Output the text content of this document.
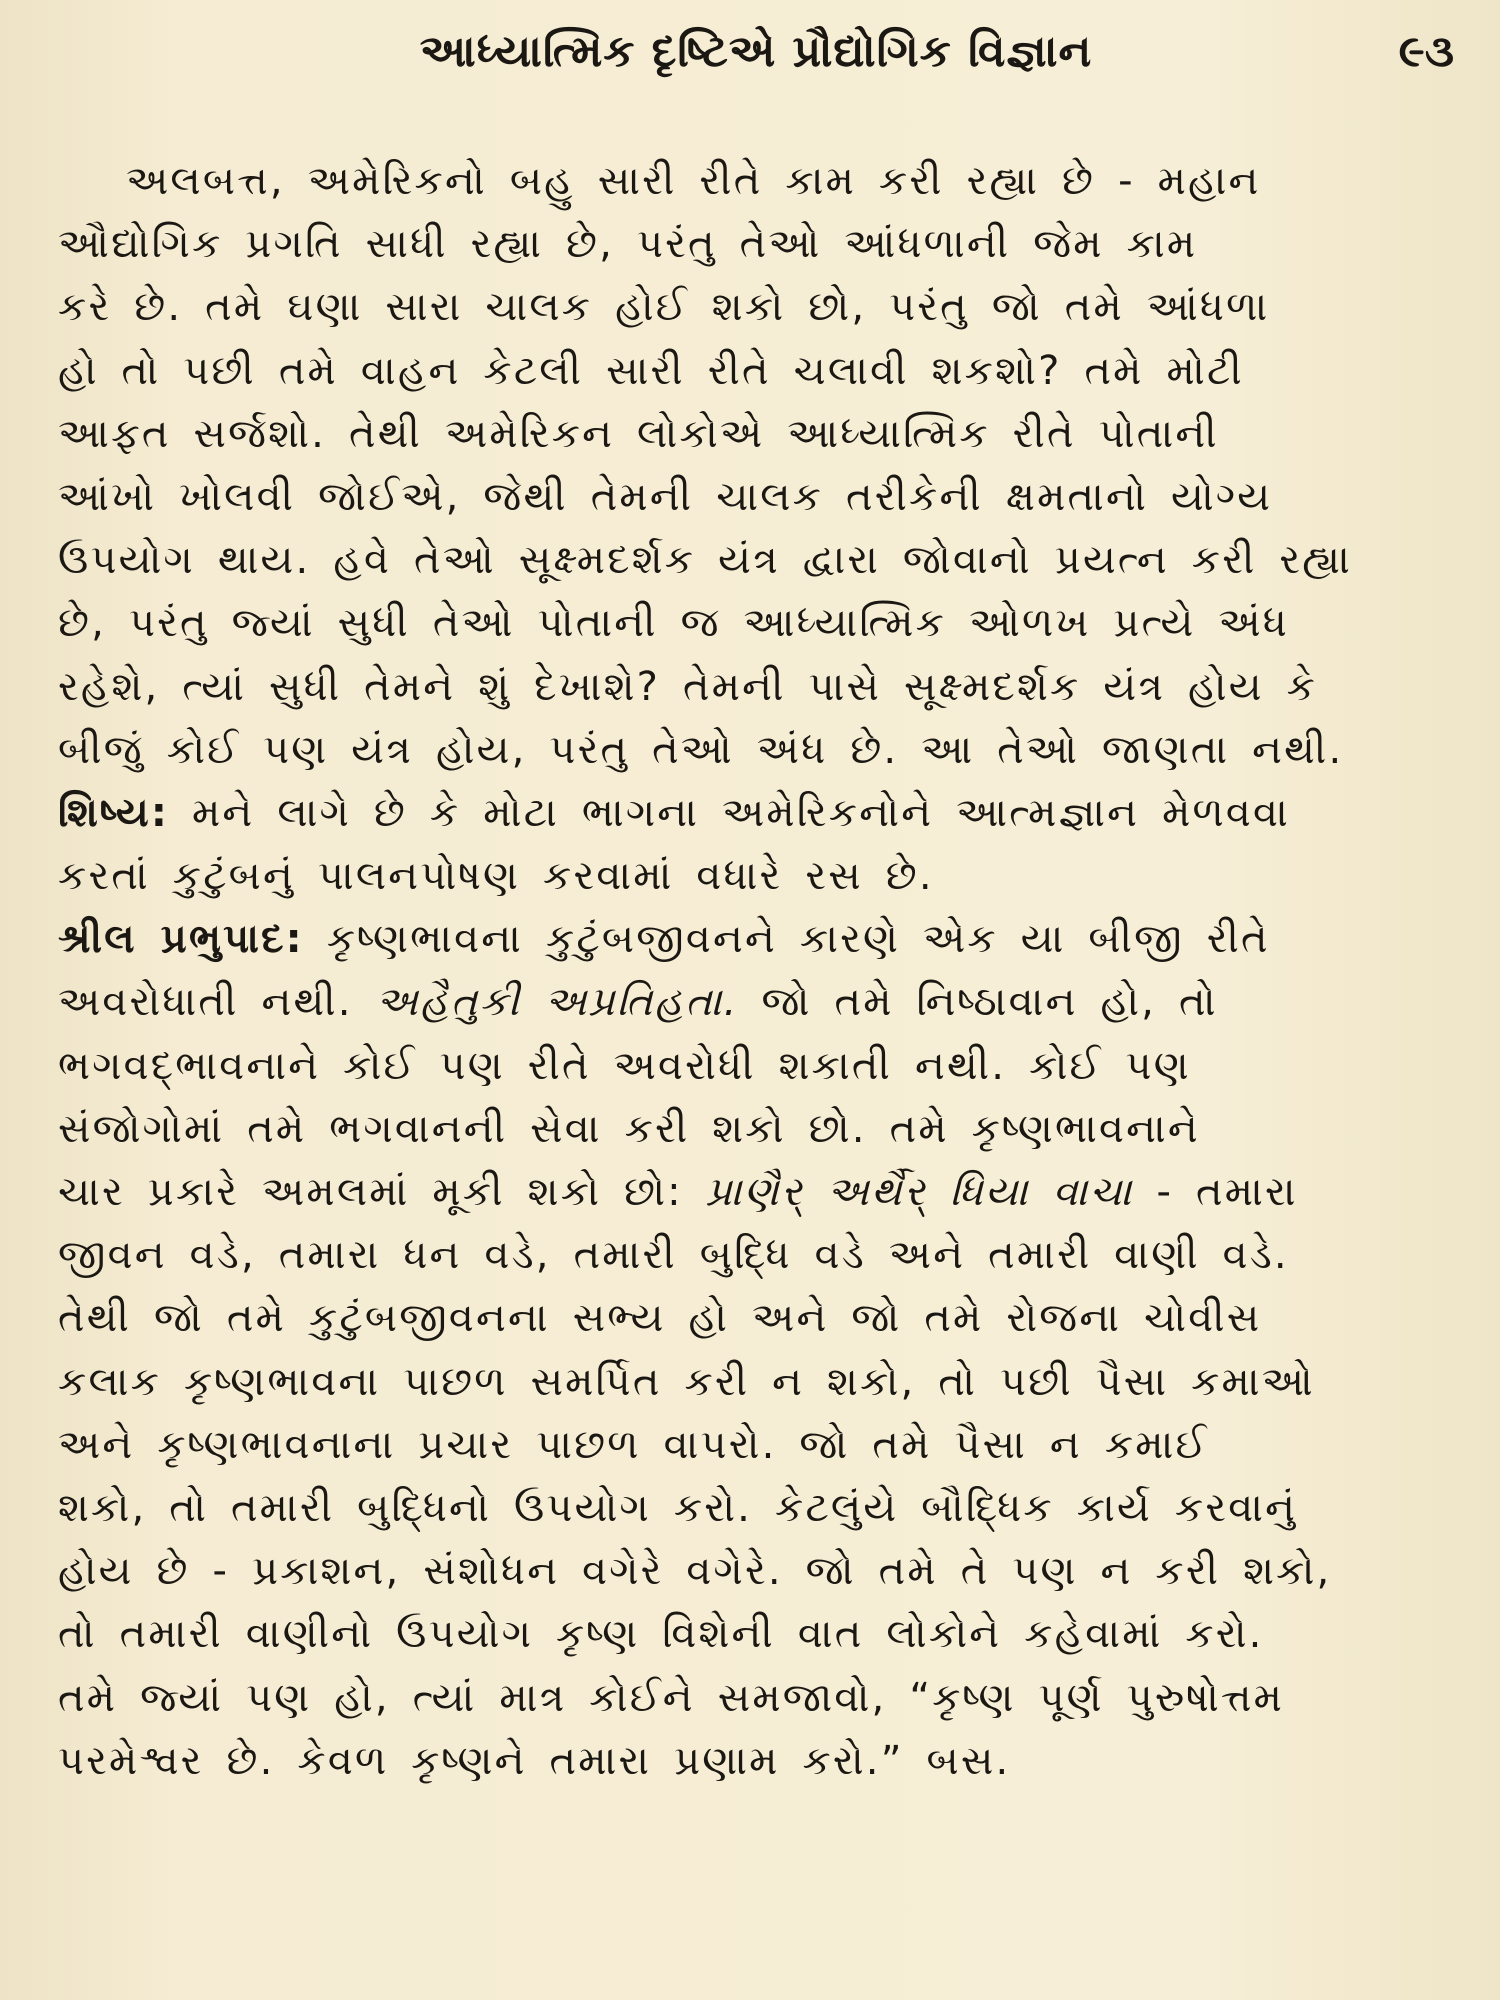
આધ્યાત્મિક દૃષ્ટિએ પ્રૌદ્યોગિક વિજ્ઞાન	૯૩
અલબત્ત, અમેરિકનો બહુ સારી રીતે કામ કરી રહ્યા છે - મહાન
ઔદ્યોગિક પ્રગતિ સાધી રહ્યા છે, પરંતુ તેઓ આંધળાની જેમ કામ
કરે છે. તમે ઘણા સારા ચાલક હોઈ શકો છો, પરંતુ જો તમે આંધળા
હો તો પછી તમે વાહન કેટલી સારી રીતે ચલાવી શકશો? તમે મોટી
આફત સર્જશો. તેથી અમેરિકન લોકોએ આધ્યાત્મિક રીતે પોતાની
આંખો ખોલવી જોઈએ, જેથી તેમની ચાલક તરીકેની ક્ષમતાનો યોગ્ય
ઉપયોગ થાય. હવે તેઓ સૂક્ષ્મદર્શક યંત્ર દ્વારા જોવાનો પ્રયત્ન કરી રહ્યા
છે, પરંતુ જ્યાં સુધી તેઓ પોતાની જ આધ્યાત્મિક ઓળખ પ્રત્યે અંધ
રહેશે, ત્યાં સુધી તેમને શું દેખાશે? તેમની પાસે સૂક્ષ્મદર્શક યંત્ર હોય કે
બીજું કોઈ પણ યંત્ર હોય, પરંતુ તેઓ અંધ છે. આ તેઓ જાણતા નથી.
શિષ્ય: મને લાગે છે કે મોટા ભાગના અમેરિકનોને આત્મજ્ઞાન મેળવવા
કરતાં કુટુંબનું પાલનપોષણ કરવામાં વધારે રસ છે.
શ્રીલ પ્રભુપાદ: કૃષ્ણભાવના કુટુંબજીવનને કારણે એક યા બીજી રીતે
અવરોધાતી નથી. અહૈતુકી અપ્રતિહતા. જો તમે નિષ્ઠાવાન હો, તો
ભગવદ્ભાવનાને કોઈ પણ રીતે અવરોધી શકાતી નથી. કોઈ પણ
સંજોગોમાં તમે ભગવાનની સેવા કરી શકો છો. તમે કૃષ્ણભાવનાને
ચાર પ્રકારે અમલમાં મૂકી શકો છો: પ્રાણૈર્ અર્થૈર્ ધિયા વાચા - તમારા
જીવન વડે, તમારા ધન વડે, તમારી બુદ્ધિ વડે અને તમારી વાણી વડે.
તેથી જો તમે કુટુંબજીવનના સભ્ય હો અને જો તમે રોજના ચોવીસ
કલાક કૃષ્ણભાવના પાછળ સમર્પિત કરી ન શકો, તો પછી પૈસા કમાઓ
અને કૃષ્ણભાવનાના પ્રચાર પાછળ વાપરો. જો તમે પૈસા ન કમાઈ
શકો, તો તમારી બુદ્ધિનો ઉપયોગ કરો. કેટલુંયે બૌદ્ધિક કાર્ય કરવાનું
હોય છે - પ્રકાશન, સંશોધન વગેરે વગેરે. જો તમે તે પણ ન કરી શકો,
તો તમારી વાણીનો ઉપયોગ કૃષ્ણ વિશેની વાત લોકોને કહેવામાં કરો.
તમે જ્યાં પણ હો, ત્યાં માત્ર કોઈને સમજાવો, “કૃષ્ણ પૂર્ણ પુરુષોત્તમ
પરમેશ્વર છે. કેવળ કૃષ્ણને તમારા પ્રણામ કરો.” બસ.
